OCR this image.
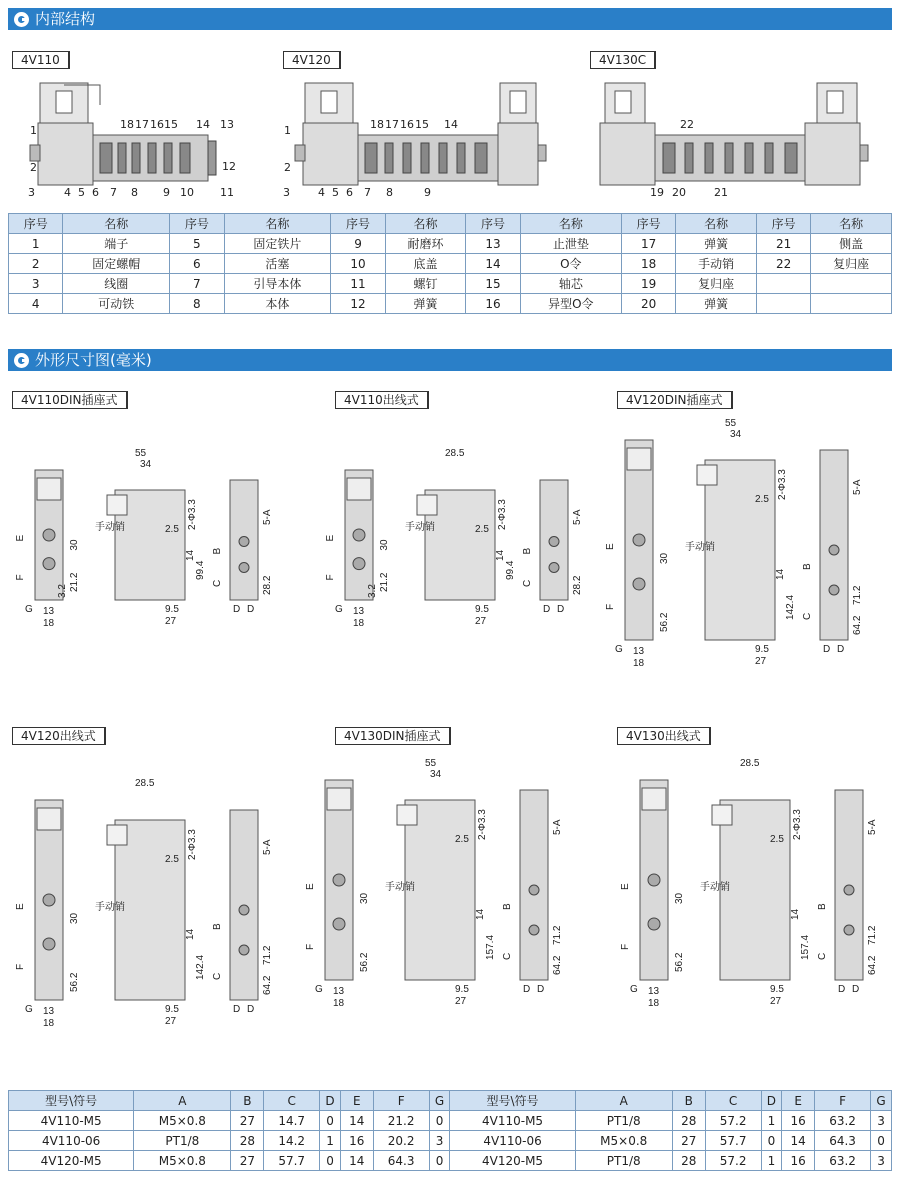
内部结构
4V110	4V120	4V130C
1
2
3	4 5 6 7 8 9 10 11
12
13
14
15
16
17
18	1
2
3	4 5 6 7 8	9
14
15
16
17
18	22
19 20	21
序号	名称	序号	名称	序号	名称	序号	名称	序号	名称	序号	名称
1	端子	5	固定铁片	9	耐磨环	13	止泄垫	17	弹簧	21	侧盖
2	固定螺帽	6	活塞	10	底盖	14	O令	18	手动销	22	复归座
3	线圈	7	引导本体	11	螺钉	15	轴芯	19	复归座		
4	可动铁	8	本体	12	弹簧	16	异型O令	20	弹簧		
外形尺寸图(毫米)
4V110DIN插座式	4V110出线式	4V120DIN插座式
4V120出线式	4V130DIN插座式	4V130出线式
55
34
2-Φ3.3
99.4
30
21.2
14
5-A
28.2
2.5
9.5
27
13
18
3.2
手动销
E
F
G
B
C
D D
28.5
2-Φ3.3
99.4
30
21.2
14
5-A
28.2
2.5
9.5
27
13
18
3.2
手动销
E
F
G
B
C
D D
55
34
2-Φ3.3
142.4
30
56.2
14
5-A
64.2
71.2
2.5
9.5
27
13
18
手动销
E
F
G
B
C
D D
28.5
2-Φ3.3
142.4
30
56.2
14
5-A
64.2
71.2
2.5
9.5
27
13
18
手动销
E
F
G
B
C
D D
55
34
2-Φ3.3
157.4
30
56.2
14
5-A
64.2
71.2
2.5
9.5
27
13
18
手动销
E
F
G
B
C
D D
28.5
2-Φ3.3
157.4
30
56.2
14
5-A
64.2
71.2
2.5
9.5
27
13
18
手动销
E
F
G
B
C
D D
型号\符号	A	B	C	D	E	F	G	型号\符号	A	B	C	D	E	F	G
4V110-M5	M5×0.8	27	14.7	0	14	21.2	0	4V110-M5	PT1/8	28	57.2	1	16	63.2	3
4V110-06	PT1/8	28	14.2	1	16	20.2	3	4V110-06	M5×0.8	27	57.7	0	14	64.3	0
4V120-M5	M5×0.8	27	57.7	0	14	64.3	0	4V120-M5	PT1/8	28	57.2	1	16	63.2	3
